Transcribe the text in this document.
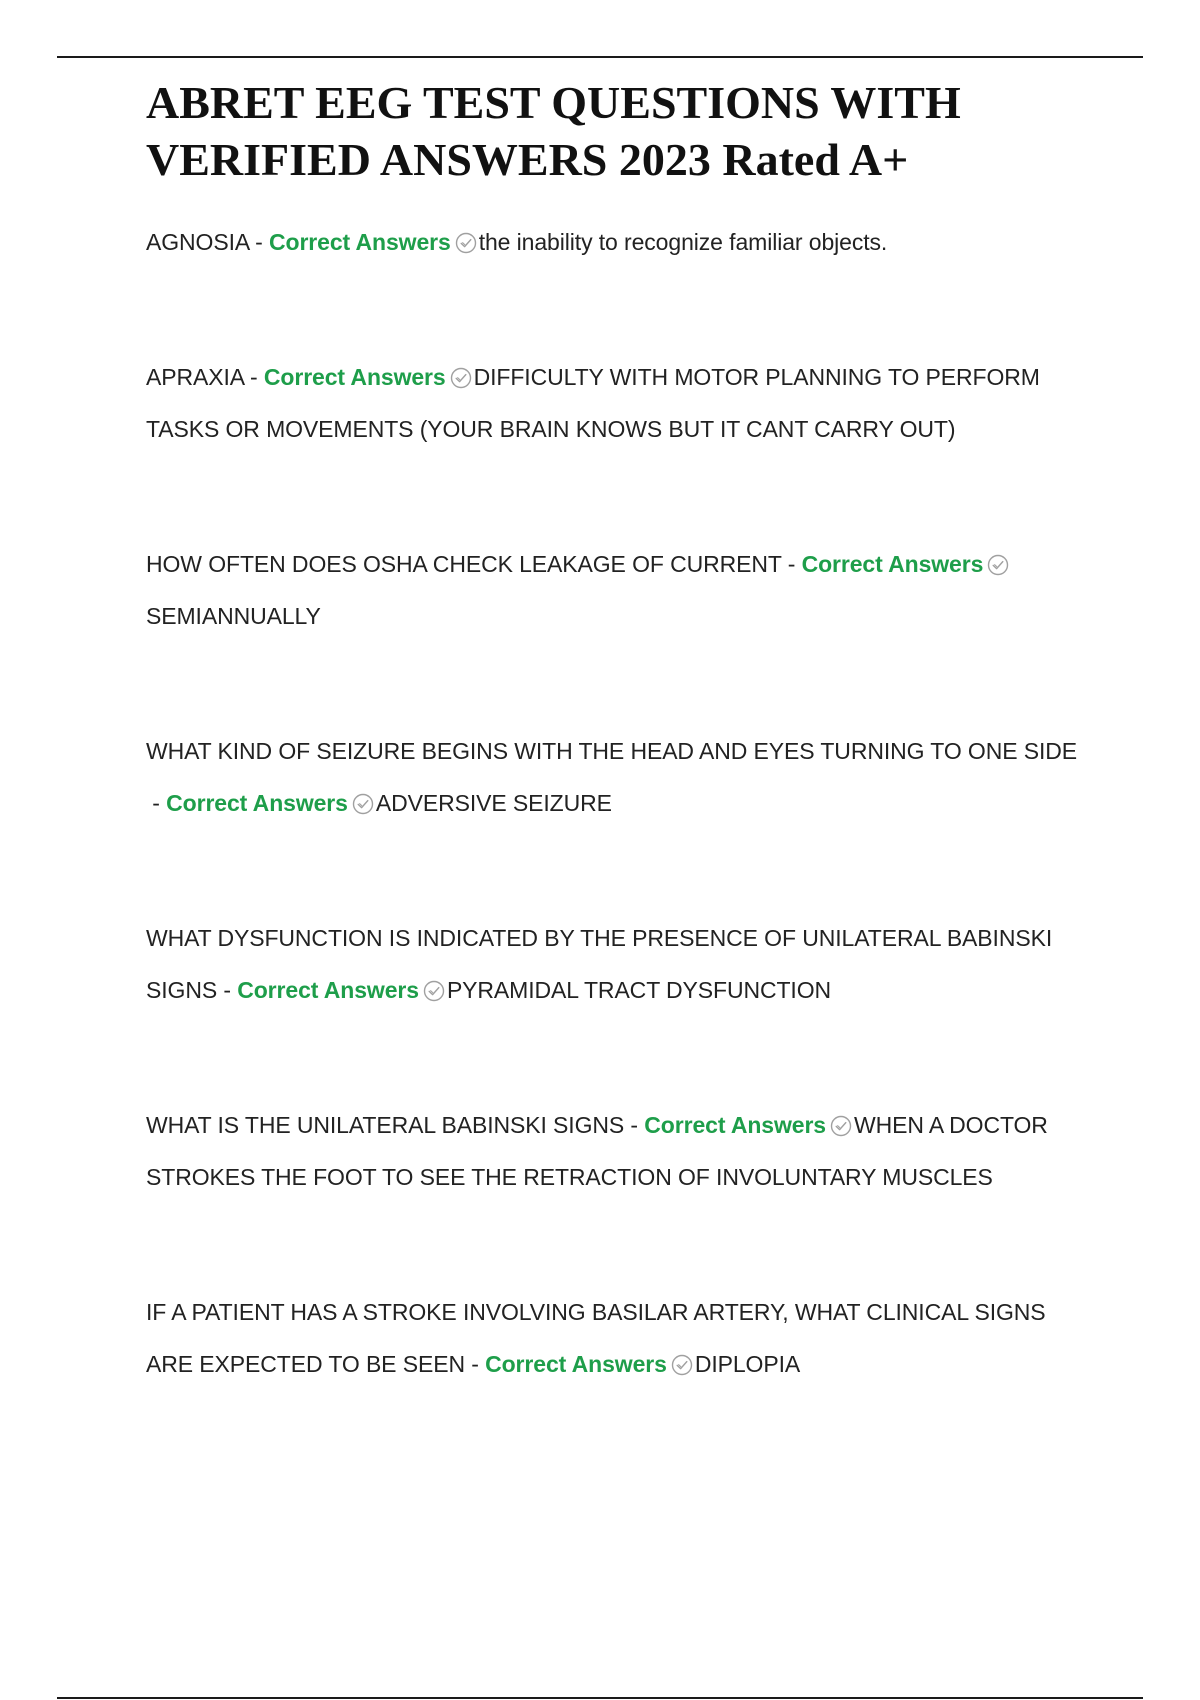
ABRET EEG TEST QUESTIONS WITH
VERIFIED ANSWERS 2023 Rated A+
AGNOSIA - Correct Answers the inability to recognize familiar objects.
APRAXIA - Correct Answers DIFFICULTY WITH MOTOR PLANNING TO PERFORM TASKS OR MOVEMENTS (YOUR BRAIN KNOWS BUT IT CANT CARRY OUT)
HOW OFTEN DOES OSHA CHECK LEAKAGE OF CURRENT - Correct Answers
SEMIANNUALLY
WHAT KIND OF SEIZURE BEGINS WITH THE HEAD AND EYES TURNING TO ONE SIDE - Correct Answers ADVERSIVE SEIZURE
WHAT DYSFUNCTION IS INDICATED BY THE PRESENCE OF UNILATERAL BABINSKI SIGNS - Correct Answers PYRAMIDAL TRACT DYSFUNCTION
WHAT IS THE UNILATERAL BABINSKI SIGNS - Correct Answers WHEN A DOCTOR STROKES THE FOOT TO SEE THE RETRACTION OF INVOLUNTARY MUSCLES
IF A PATIENT HAS A STROKE INVOLVING BASILAR ARTERY, WHAT CLINICAL SIGNS ARE EXPECTED TO BE SEEN - Correct Answers DIPLOPIA
